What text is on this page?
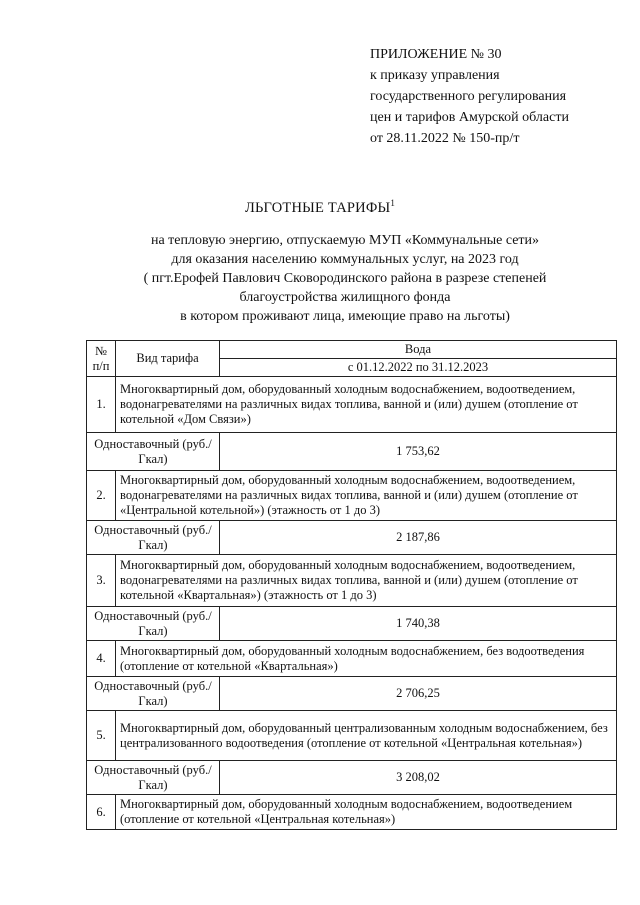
ПРИЛОЖЕНИЕ № 30
к приказу управления
государственного регулирования
цен и тарифов Амурской области
от 28.11.2022 № 150-пр/т
ЛЬГОТНЫЕ ТАРИФЫ$^1$
на тепловую энергию, отпускаемую МУП «Коммунальные сети»
для оказания населению коммунальных услуг, на 2023 год
( пгт.Ерофей Павлович Сковородинского района в разрезе степеней
благоустройства жилищного фонда
в котором проживают лица, имеющие право на льготы)
№ п/п	Вид тарифа	Вода
		с 01.12.2022 по 31.12.2023
1.	Многоквартирный дом, оборудованный холодным водоснабжением, водоотведением, водонагревателями на различных видах топлива, ванной и (или) душем (отопление от котельной «Дом Связи»)	
Одноставочный (руб./Гкал)		1 753,62
2.	Многоквартирный дом, оборудованный холодным водоснабжением, водоотведением, водонагревателями на различных видах топлива, ванной и (или) душем (отопление от «Центральной котельной») (этажность от 1 до 3)	
Одноставочный (руб./Гкал)		2 187,86
3.	Многоквартирный дом, оборудованный холодным водоснабжением, водоотведением, водонагревателями на различных видах топлива, ванной и (или) душем (отопление от котельной «Квартальная») (этажность от 1 до 3)	
Одноставочный (руб./Гкал)		1 740,38
4.	Многоквартирный дом, оборудованный холодным водоснабжением, без водоотведения (отопление от котельной «Квартальная»)	
Одноставочный (руб./Гкал)		2 706,25
5.	Многоквартирный дом, оборудованный централизованным холодным водоснабжением, без централизованного водоотведения (отопление от котельной «Центральная котельная»)	
Одноставочный (руб./Гкал)		3 208,02
6.	Многоквартирный дом, оборудованный холодным водоснабжением, водоотведением (отопление от котельной «Центральная котельная»)	
